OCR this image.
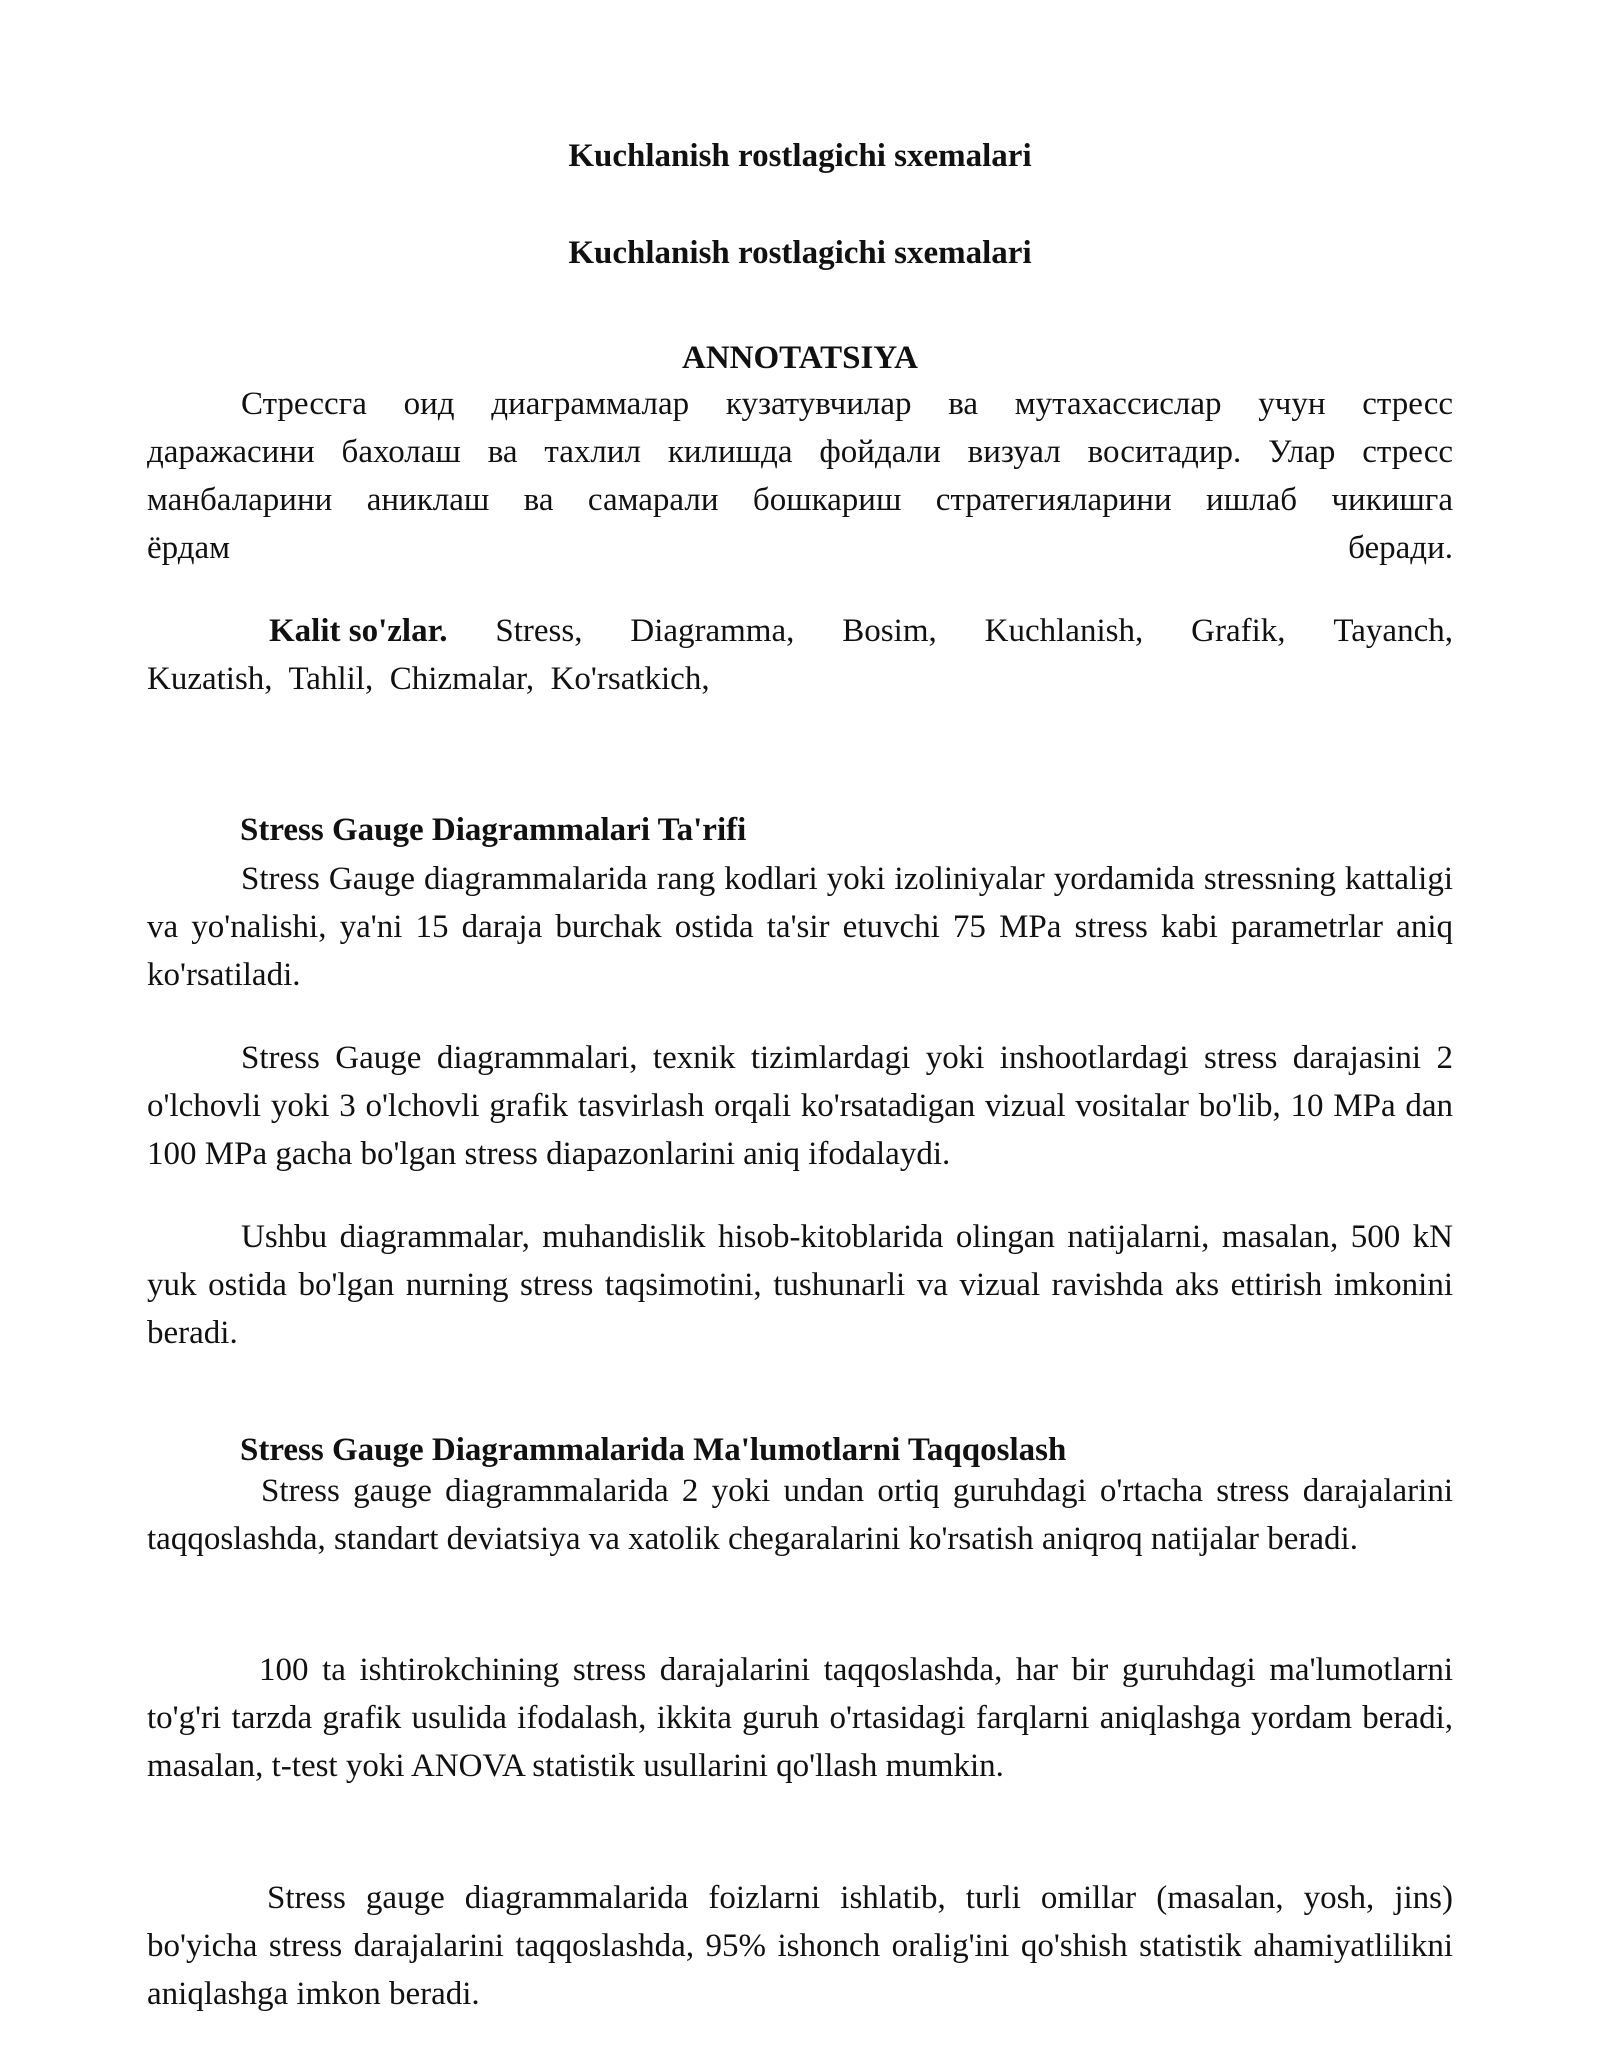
Kuchlanish rostlagichi sxemalari
Kuchlanish rostlagichi sxemalari
ANNOTATSIYA
Стрессга оид диаграммалар кузатувчилар ва мутахассислар учун стресс
даражасини бахолаш ва тахлил килишда фойдали визуал воситадир. Улар стресс
манбаларини аниклаш ва самарали бошкариш стратегияларини ишлаб чикишга
ёрдам	беради.
Kalit so'zlar. Stress, Diagramma, Bosim, Kuchlanish, Grafik, Tayanch,
Kuzatish,  Tahlil,  Chizmalar,  Ko'rsatkich,
Stress Gauge Diagrammalari Ta'rifi

Stress Gauge diagrammalarida rang kodlari yoki izoliniyalar yordamida stressning kattaligi va yo'nalishi, ya'ni 15 daraja burchak ostida ta'sir etuvchi 75 MPa stress kabi parametrlar aniq ko'rsatiladi.

Stress Gauge diagrammalari, texnik tizimlardagi yoki inshootlardagi stress darajasini 2 o'lchovli yoki 3 o'lchovli grafik tasvirlash orqali ko'rsatadigan vizual vositalar bo'lib, 10 MPa dan 100 MPa gacha bo'lgan stress diapazonlarini aniq ifodalaydi.

Ushbu diagrammalar, muhandislik hisob-kitoblarida olingan natijalarni, masalan, 500 kN yuk ostida bo'lgan nurning stress taqsimotini, tushunarli va vizual ravishda aks ettirish imkonini beradi.

Stress Gauge Diagrammalarida Ma'lumotlarni Taqqoslash

Stress gauge diagrammalarida 2 yoki undan ortiq guruhdagi o'rtacha stress darajalarini taqqoslashda, standart deviatsiya va xatolik chegaralarini ko'rsatish aniqroq natijalar beradi.

100 ta ishtirokchining stress darajalarini taqqoslashda, har bir guruhdagi ma'lumotlarni to'g'ri tarzda grafik usulida ifodalash, ikkita guruh o'rtasidagi farqlarni aniqlashga yordam beradi, masalan, t-test yoki ANOVA statistik usullarini qo'llash mumkin.

Stress gauge diagrammalarida foizlarni ishlatib, turli omillar (masalan, yosh, jins) bo'yicha stress darajalarini taqqoslashda, 95% ishonch oralig'ini qo'shish statistik ahamiyatlilikni aniqlashga imkon beradi.
